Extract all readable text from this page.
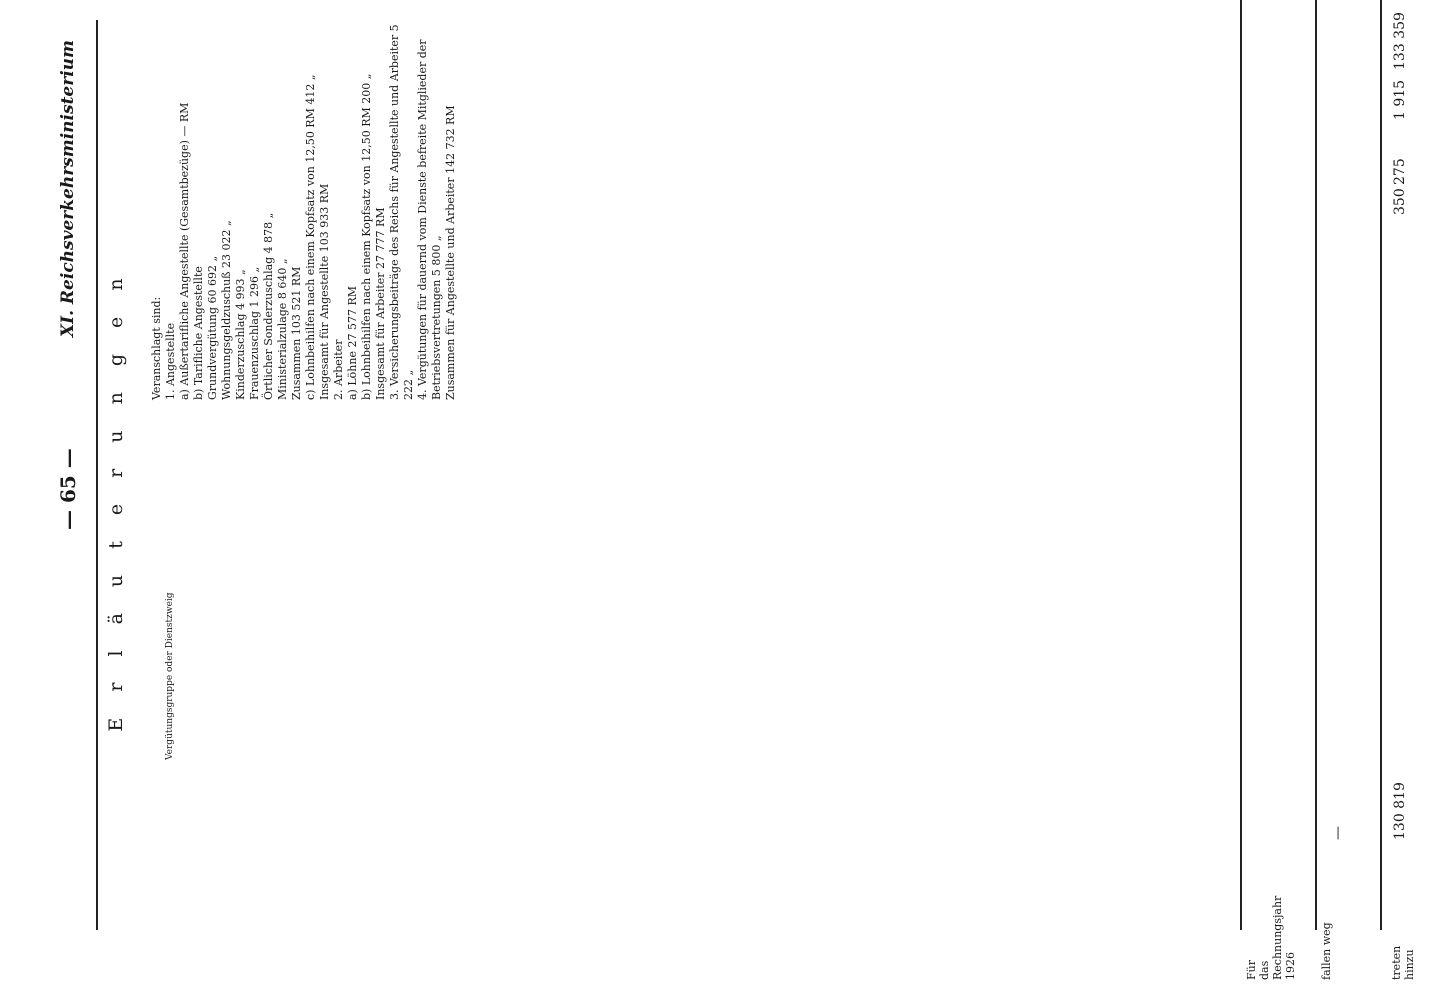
— 65 —
XI. Reichsverkehrsministerium
E r l ä u t e r u n g e n
Für das Rechnungsjahr 1926 fallen weg	treten hinzu
130 819
350
275
1 915
133 359
—
Vergütungsgruppe oder Dienstzweig
Veranschlagt sind: 1. Angestellte a) Außertarifliche Angestellte (Gesamtbezüge) — RM
b) Tarifliche Angestellte Grundvergütung 60 692 „ Wohnungsgeldzuschuß 23 022 „
Kinderzuschlag 4 993 „
Frauenzuschlag 1 296 „ Örtlicher Sonderzuschlag 4 878 „
Ministerialzulage 8 640 „
Zusammen 103 521 RM c) Lohnbeihilfen nach einem Kopfsatz von 12,50 RM 412 „
Insgesamt für Angestellte 103 933 RM
2. Arbeiter a) Löhne 27 577 RM b) Lohnbeihilfen nach einem Kopfsatz von 12,50 RM 200 „
Insgesamt für Arbeiter 27 777 RM 3. Versicherungsbeiträge des Reichs für Angestellte und Arbeiter 5 222 „ 4. Vergütungen für dauernd vom Dienste befreite Mitglieder der Betriebsvertretungen 5 800 „ Zusammen für Angestellte und Arbeiter 142 732 RM
